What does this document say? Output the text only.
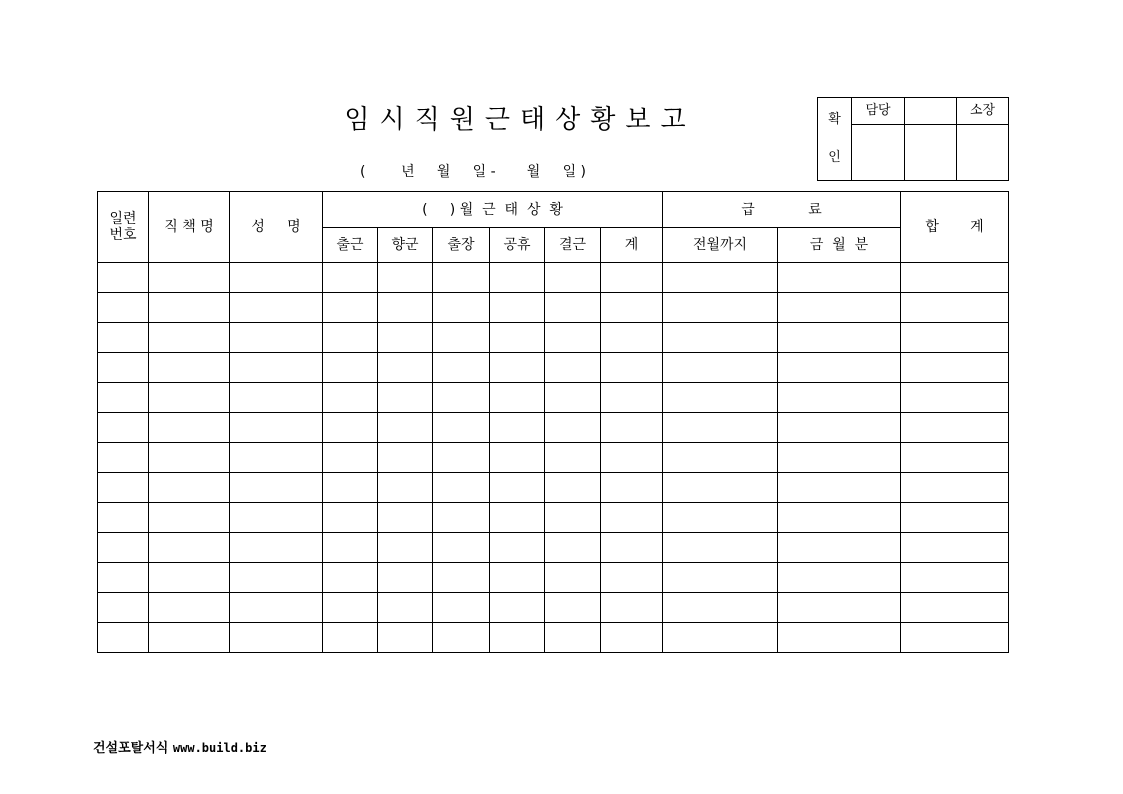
임시직원근태상황보고
(        년     월     일 -       월     일 )
확
인	담당		소장

일련
번호	직 책 명	성     명	(     ) 월  근  태  상  황						급            료		합       계
			출근	향군	출장	공휴	결근	계	전월까지	금  월  분	

건설포탈서식 www.build.biz
